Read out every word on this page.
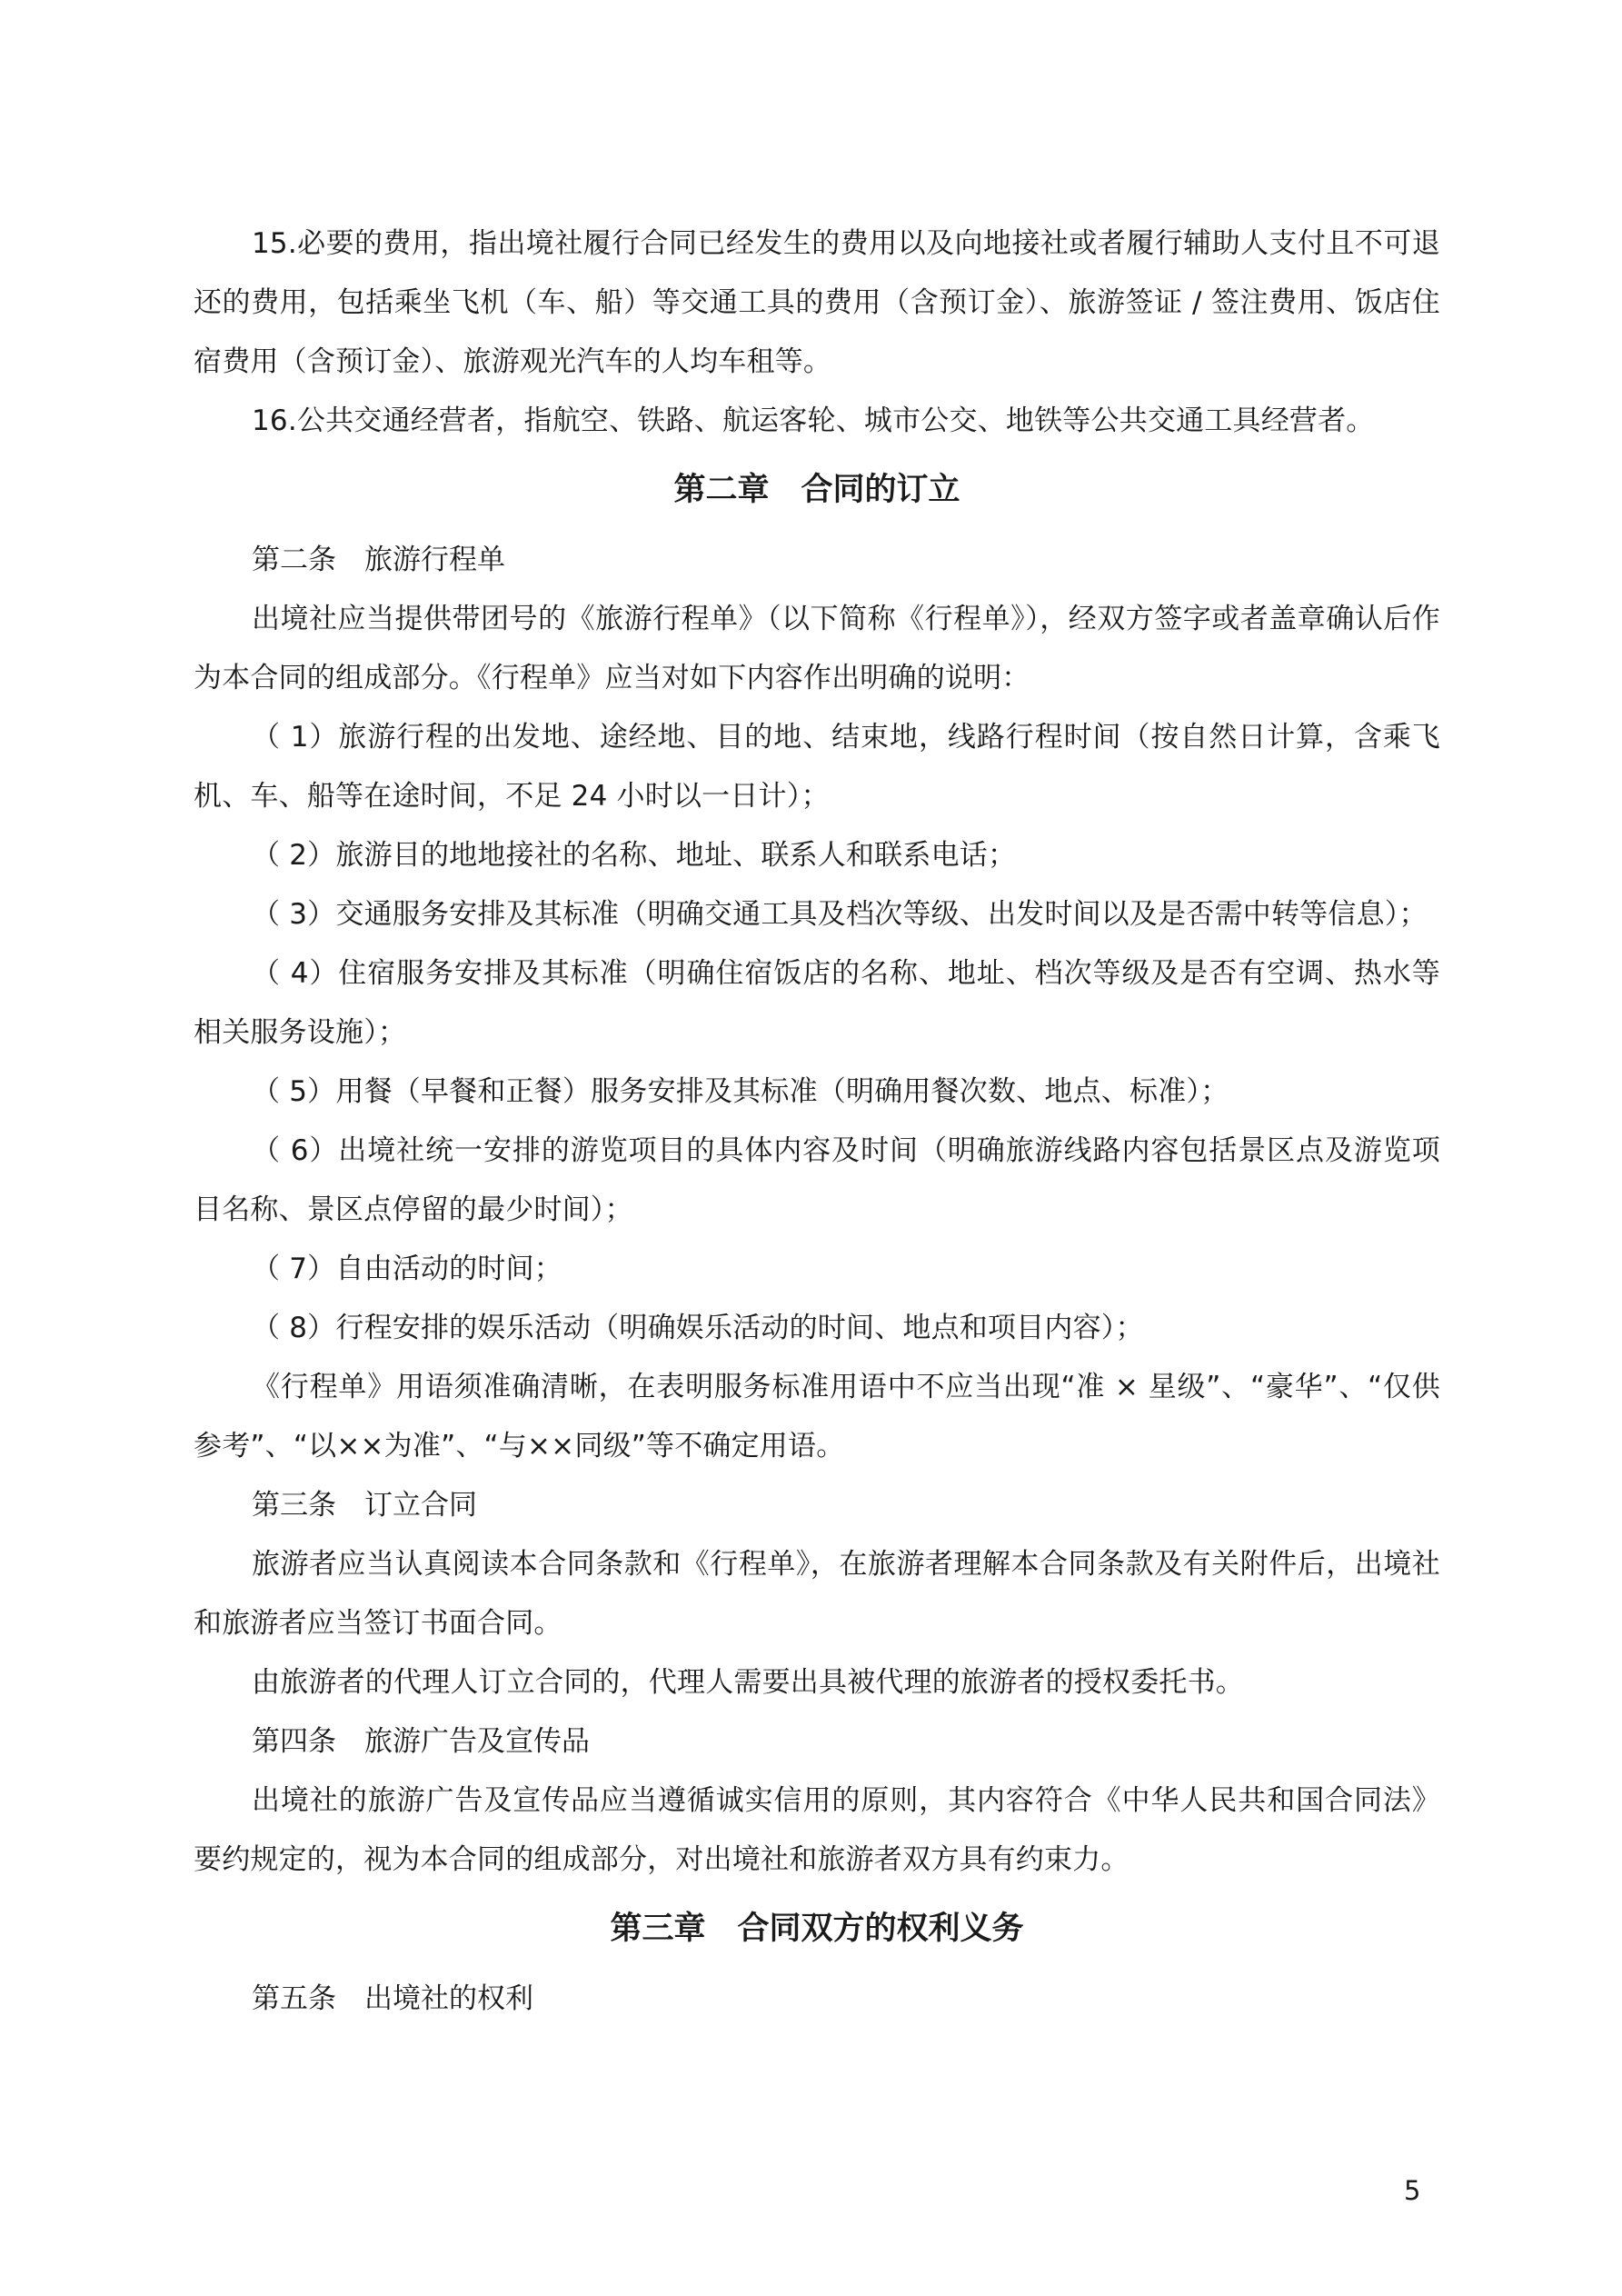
15.必要的费用，指出境社履行合同已经发生的费用以及向地接社或者履行辅助人支付且不可退还的费用，包括乘坐飞机（车、船）等交通工具的费用（含预订金）、旅游签证 / 签注费用、饭店住宿费用（含预订金）、旅游观光汽车的人均车租等。

16.公共交通经营者，指航空、铁路、航运客轮、城市公交、地铁等公共交通工具经营者。

第二章　合同的订立

第二条　旅游行程单

出境社应当提供带团号的《旅游行程单》（以下简称《行程单》），经双方签字或者盖章确认后作为本合同的组成部分。《行程单》应当对如下内容作出明确的说明：

（ 1）旅游行程的出发地、途经地、目的地、结束地，线路行程时间（按自然日计算，含乘飞机、车、船等在途时间，不足 24 小时以一日计）；

（ 2）旅游目的地地接社的名称、地址、联系人和联系电话；

（ 3）交通服务安排及其标准（明确交通工具及档次等级、出发时间以及是否需中转等信息）；

（ 4）住宿服务安排及其标准（明确住宿饭店的名称、地址、档次等级及是否有空调、热水等相关服务设施）；

（ 5）用餐（早餐和正餐）服务安排及其标准（明确用餐次数、地点、标准）；

（ 6）出境社统一安排的游览项目的具体内容及时间（明确旅游线路内容包括景区点及游览项目名称、景区点停留的最少时间）；

（ 7）自由活动的时间；

（ 8）行程安排的娱乐活动（明确娱乐活动的时间、地点和项目内容）；

《行程单》用语须准确清晰，在表明服务标准用语中不应当出现“准 × 星级”、“豪华”、“仅供参考”、“以××为准”、“与××同级”等不确定用语。

第三条　订立合同

旅游者应当认真阅读本合同条款和《行程单》，在旅游者理解本合同条款及有关附件后，出境社和旅游者应当签订书面合同。

由旅游者的代理人订立合同的，代理人需要出具被代理的旅游者的授权委托书。

第四条　旅游广告及宣传品

出境社的旅游广告及宣传品应当遵循诚实信用的原则，其内容符合《中华人民共和国合同法》要约规定的，视为本合同的组成部分，对出境社和旅游者双方具有约束力。

第三章　合同双方的权利义务

第五条　出境社的权利

5
